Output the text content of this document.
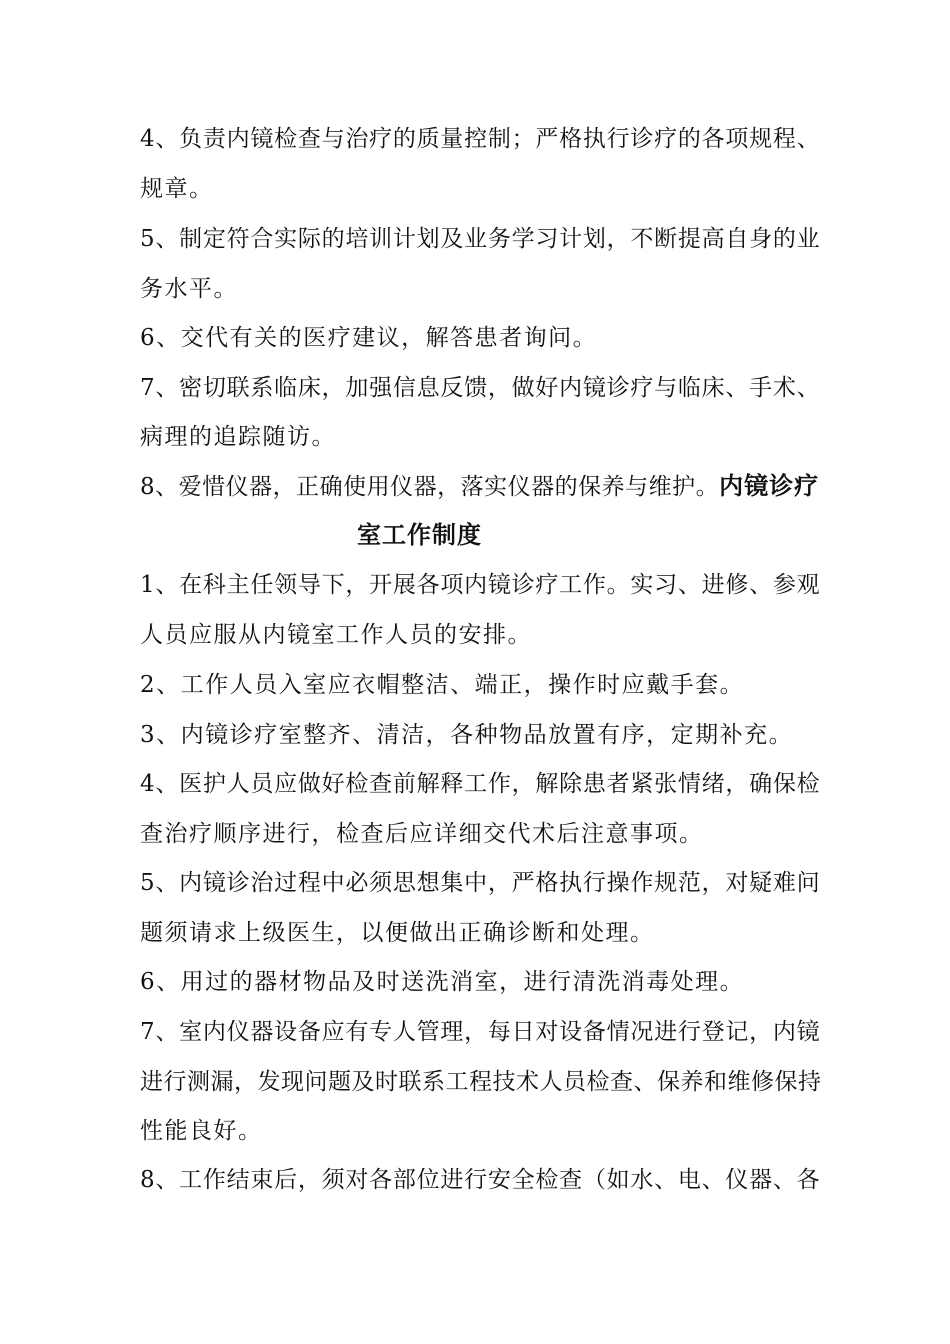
4、负责内镜检查与治疗的质量控制；严格执行诊疗的各项规程、
规章。
5、制定符合实际的培训计划及业务学习计划，不断提高自身的业
务水平。
6、交代有关的医疗建议，解答患者询问。
7、密切联系临床，加强信息反馈，做好内镜诊疗与临床、手术、
病理的追踪随访。
8、爱惜仪器，正确使用仪器，落实仪器的保养与维护。内镜诊疗
室工作制度
1、在科主任领导下，开展各项内镜诊疗工作。实习、进修、参观
人员应服从内镜室工作人员的安排。
2、工作人员入室应衣帽整洁、端正，操作时应戴手套。
3、内镜诊疗室整齐、清洁，各种物品放置有序，定期补充。
4、医护人员应做好检查前解释工作，解除患者紧张情绪，确保检
查治疗顺序进行，检查后应详细交代术后注意事项。
5、内镜诊治过程中必须思想集中，严格执行操作规范，对疑难问
题须请求上级医生，以便做出正确诊断和处理。
6、用过的器材物品及时送洗消室，进行清洗消毒处理。
7、室内仪器设备应有专人管理，每日对设备情况进行登记，内镜
进行测漏，发现问题及时联系工程技术人员检查、保养和维修保持
性能良好。
8、工作结束后，须对各部位进行安全检查（如水、电、仪器、各
